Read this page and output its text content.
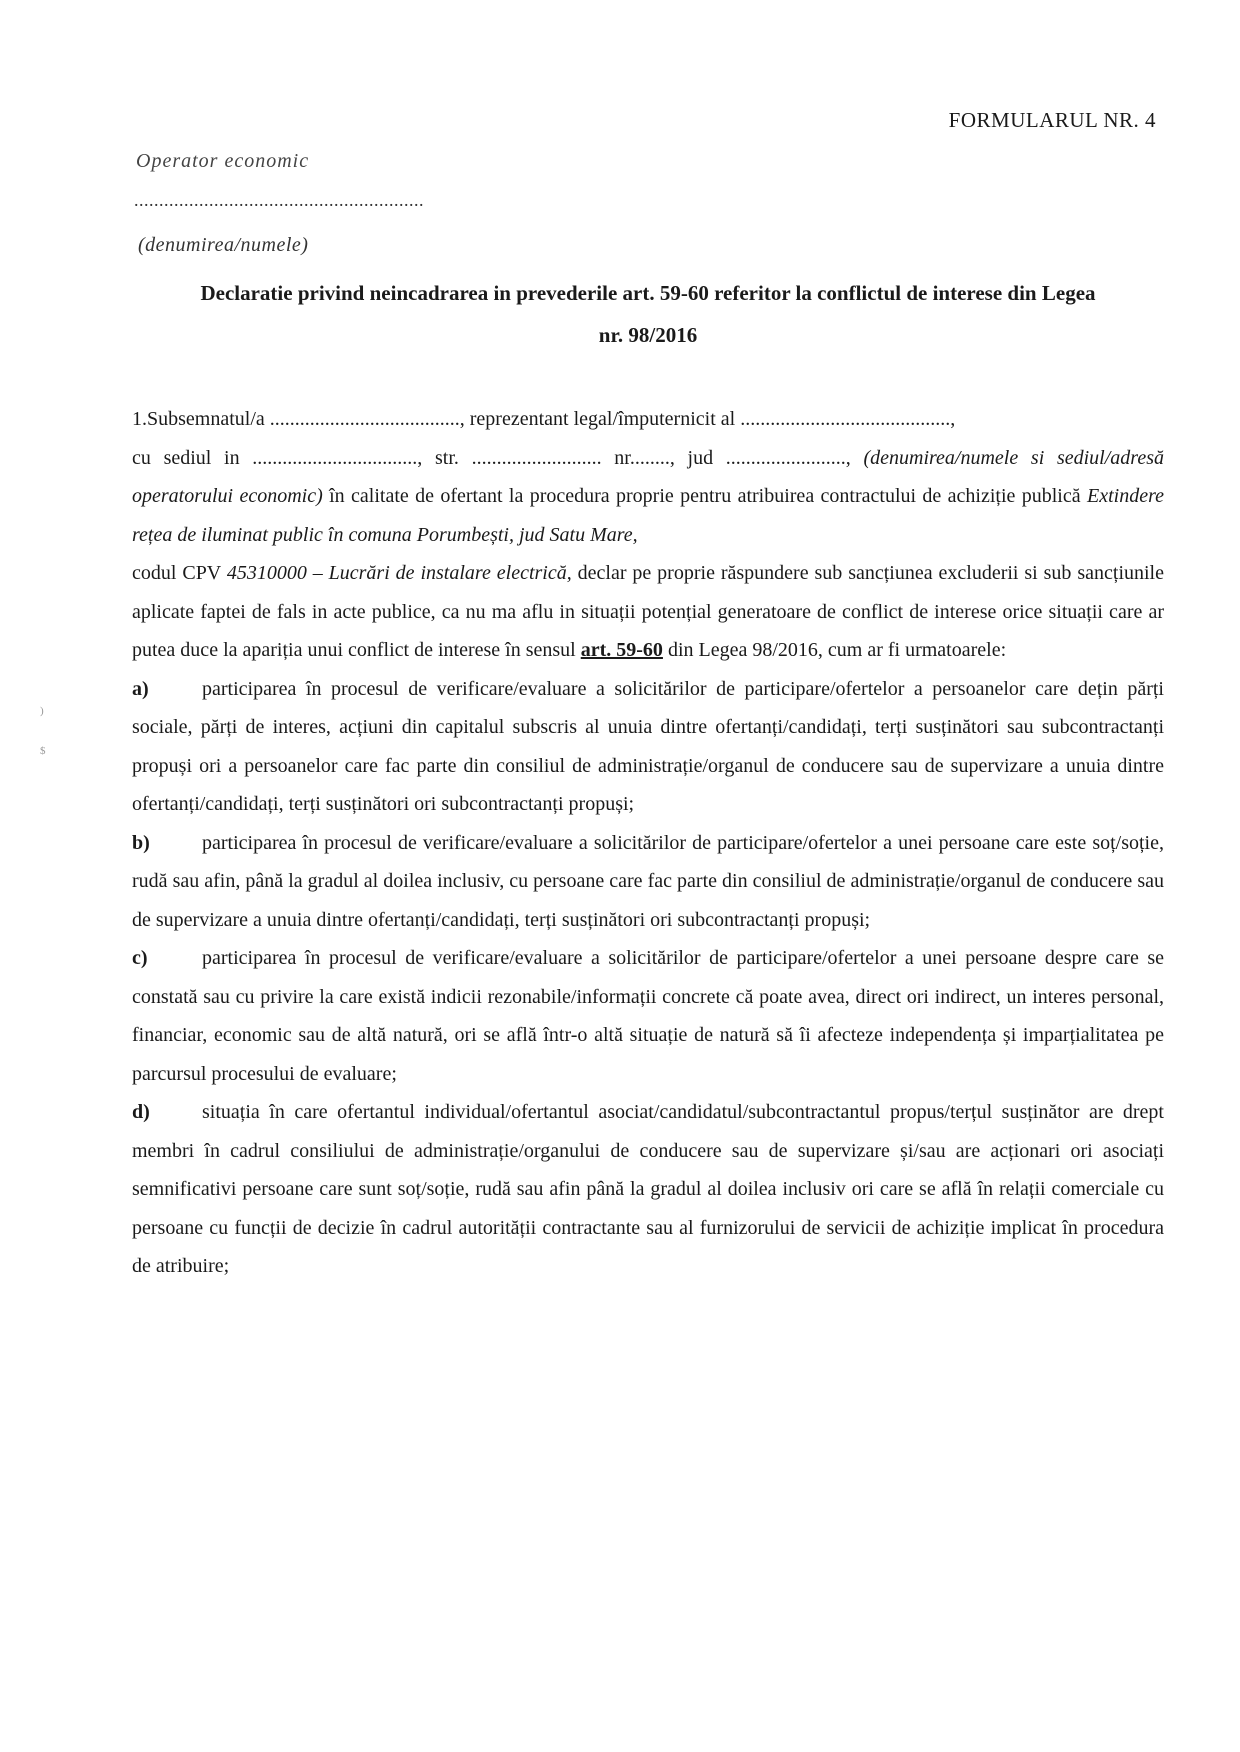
FORMULARUL NR. 4
Operator economic
..........................................................
(denumirea/numele)
Declaratie privind neincadrarea in prevederile art. 59-60 referitor la conflictul de interese din Legea
nr. 98/2016
)
$

1.Subsemnatul/a ......................................, reprezentant legal/împuternicit al ..........................................,
cu sediul in ................................., str. .......................... nr........, jud ........................, (denumirea/numele si sediul/adresă operatorului economic) în calitate de ofertant la procedura proprie pentru atribuirea contractului de achiziție publică Extindere rețea de iluminat public în comuna Porumbești, jud Satu Mare,
codul CPV 45310000 – Lucrări de instalare electrică, declar pe proprie răspundere sub sancțiunea excluderii si sub sancțiunile aplicate faptei de fals in acte publice, ca nu ma aflu in situații potențial generatoare de conflict de interese orice situații care ar putea duce la apariția unui conflict de interese în sensul art. 59-60 din Legea 98/2016, cum ar fi urmatoarele:

a)	participarea în procesul de verificare/evaluare a solicitărilor de participare/ofertelor a persoanelor care dețin părți sociale, părți de interes, acțiuni din capitalul subscris al unuia dintre ofertanți/candidați, terți susținători sau subcontractanți propuși ori a persoanelor care fac parte din consiliul de administrație/organul de conducere sau de supervizare a unuia dintre ofertanți/candidați, terți susținători ori subcontractanți propuși;

b)	participarea în procesul de verificare/evaluare a solicitărilor de participare/ofertelor a unei persoane care este soț/soție, rudă sau afin, până la gradul al doilea inclusiv, cu persoane care fac parte din consiliul de administrație/organul de conducere sau de supervizare a unuia dintre ofertanți/candidați, terți susținători ori subcontractanți propuși;

c)	participarea în procesul de verificare/evaluare a solicitărilor de participare/ofertelor a unei persoane despre care se constată sau cu privire la care există indicii rezonabile/informații concrete că poate avea, direct ori indirect, un interes personal, financiar, economic sau de altă natură, ori se află într-o altă situație de natură să îi afecteze independența și imparțialitatea pe parcursul procesului de evaluare;

d)	situația în care ofertantul individual/ofertantul asociat/candidatul/subcontractantul propus/terțul susținător are drept membri în cadrul consiliului de administrație/organului de conducere sau de supervizare și/sau are acționari ori asociați semnificativi persoane care sunt soț/soție, rudă sau afin până la gradul al doilea inclusiv ori care se află în relații comerciale cu persoane cu funcții de decizie în cadrul autorității contractante sau al furnizorului de servicii de achiziție implicat în procedura de atribuire;
